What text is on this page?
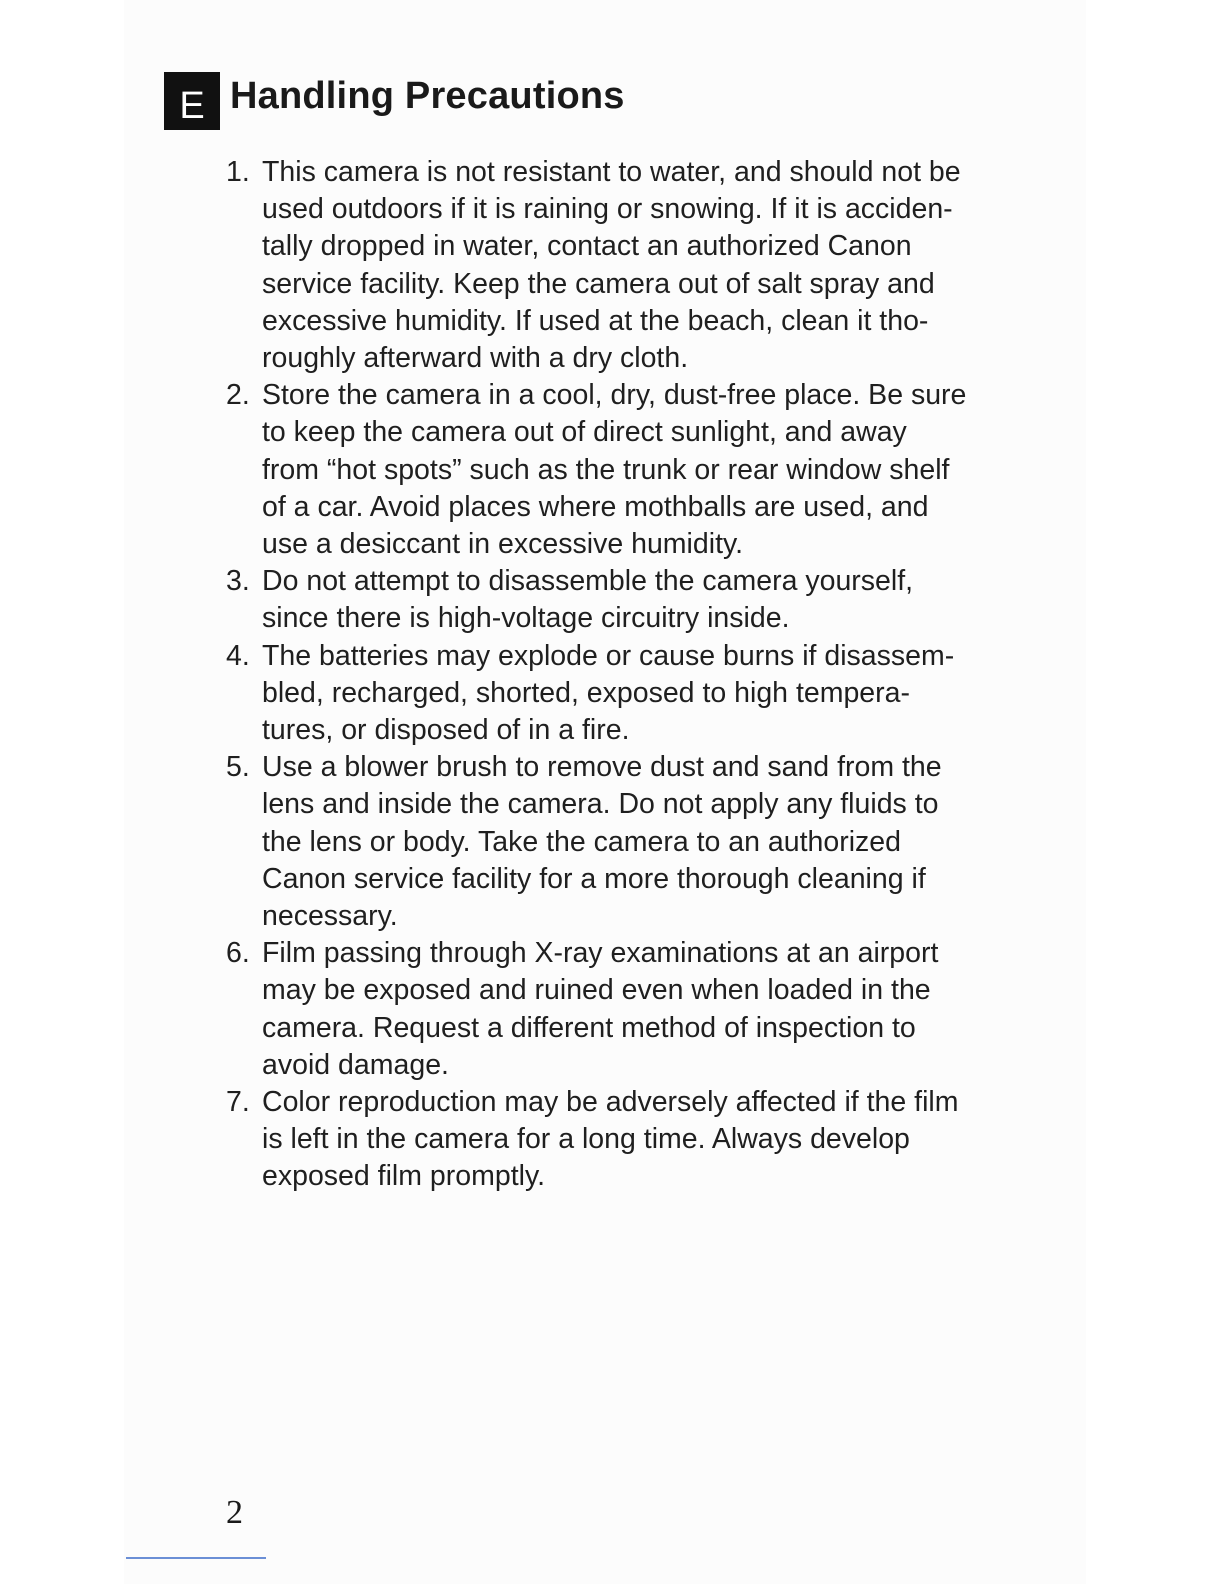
E Handling Precautions
1. This camera is not resistant to water, and should not be
used outdoors if it is raining or snowing. If it is acciden-
tally dropped in water, contact an authorized Canon
service facility. Keep the camera out of salt spray and
excessive humidity. If used at the beach, clean it tho-
roughly afterward with a dry cloth.
2. Store the camera in a cool, dry, dust-free place. Be sure
to keep the camera out of direct sunlight, and away
from “hot spots” such as the trunk or rear window shelf
of a car. Avoid places where mothballs are used, and
use a desiccant in excessive humidity.
3. Do not attempt to disassemble the camera yourself,
since there is high-voltage circuitry inside.
4. The batteries may explode or cause burns if disassem-
bled, recharged, shorted, exposed to high tempera-
tures, or disposed of in a fire.
5. Use a blower brush to remove dust and sand from the
lens and inside the camera. Do not apply any fluids to
the lens or body. Take the camera to an authorized
Canon service facility for a more thorough cleaning if
necessary.
6. Film passing through X-ray examinations at an airport
may be exposed and ruined even when loaded in the
camera. Request a different method of inspection to
avoid damage.
7. Color reproduction may be adversely affected if the film
is left in the camera for a long time. Always develop
exposed film promptly.
2
